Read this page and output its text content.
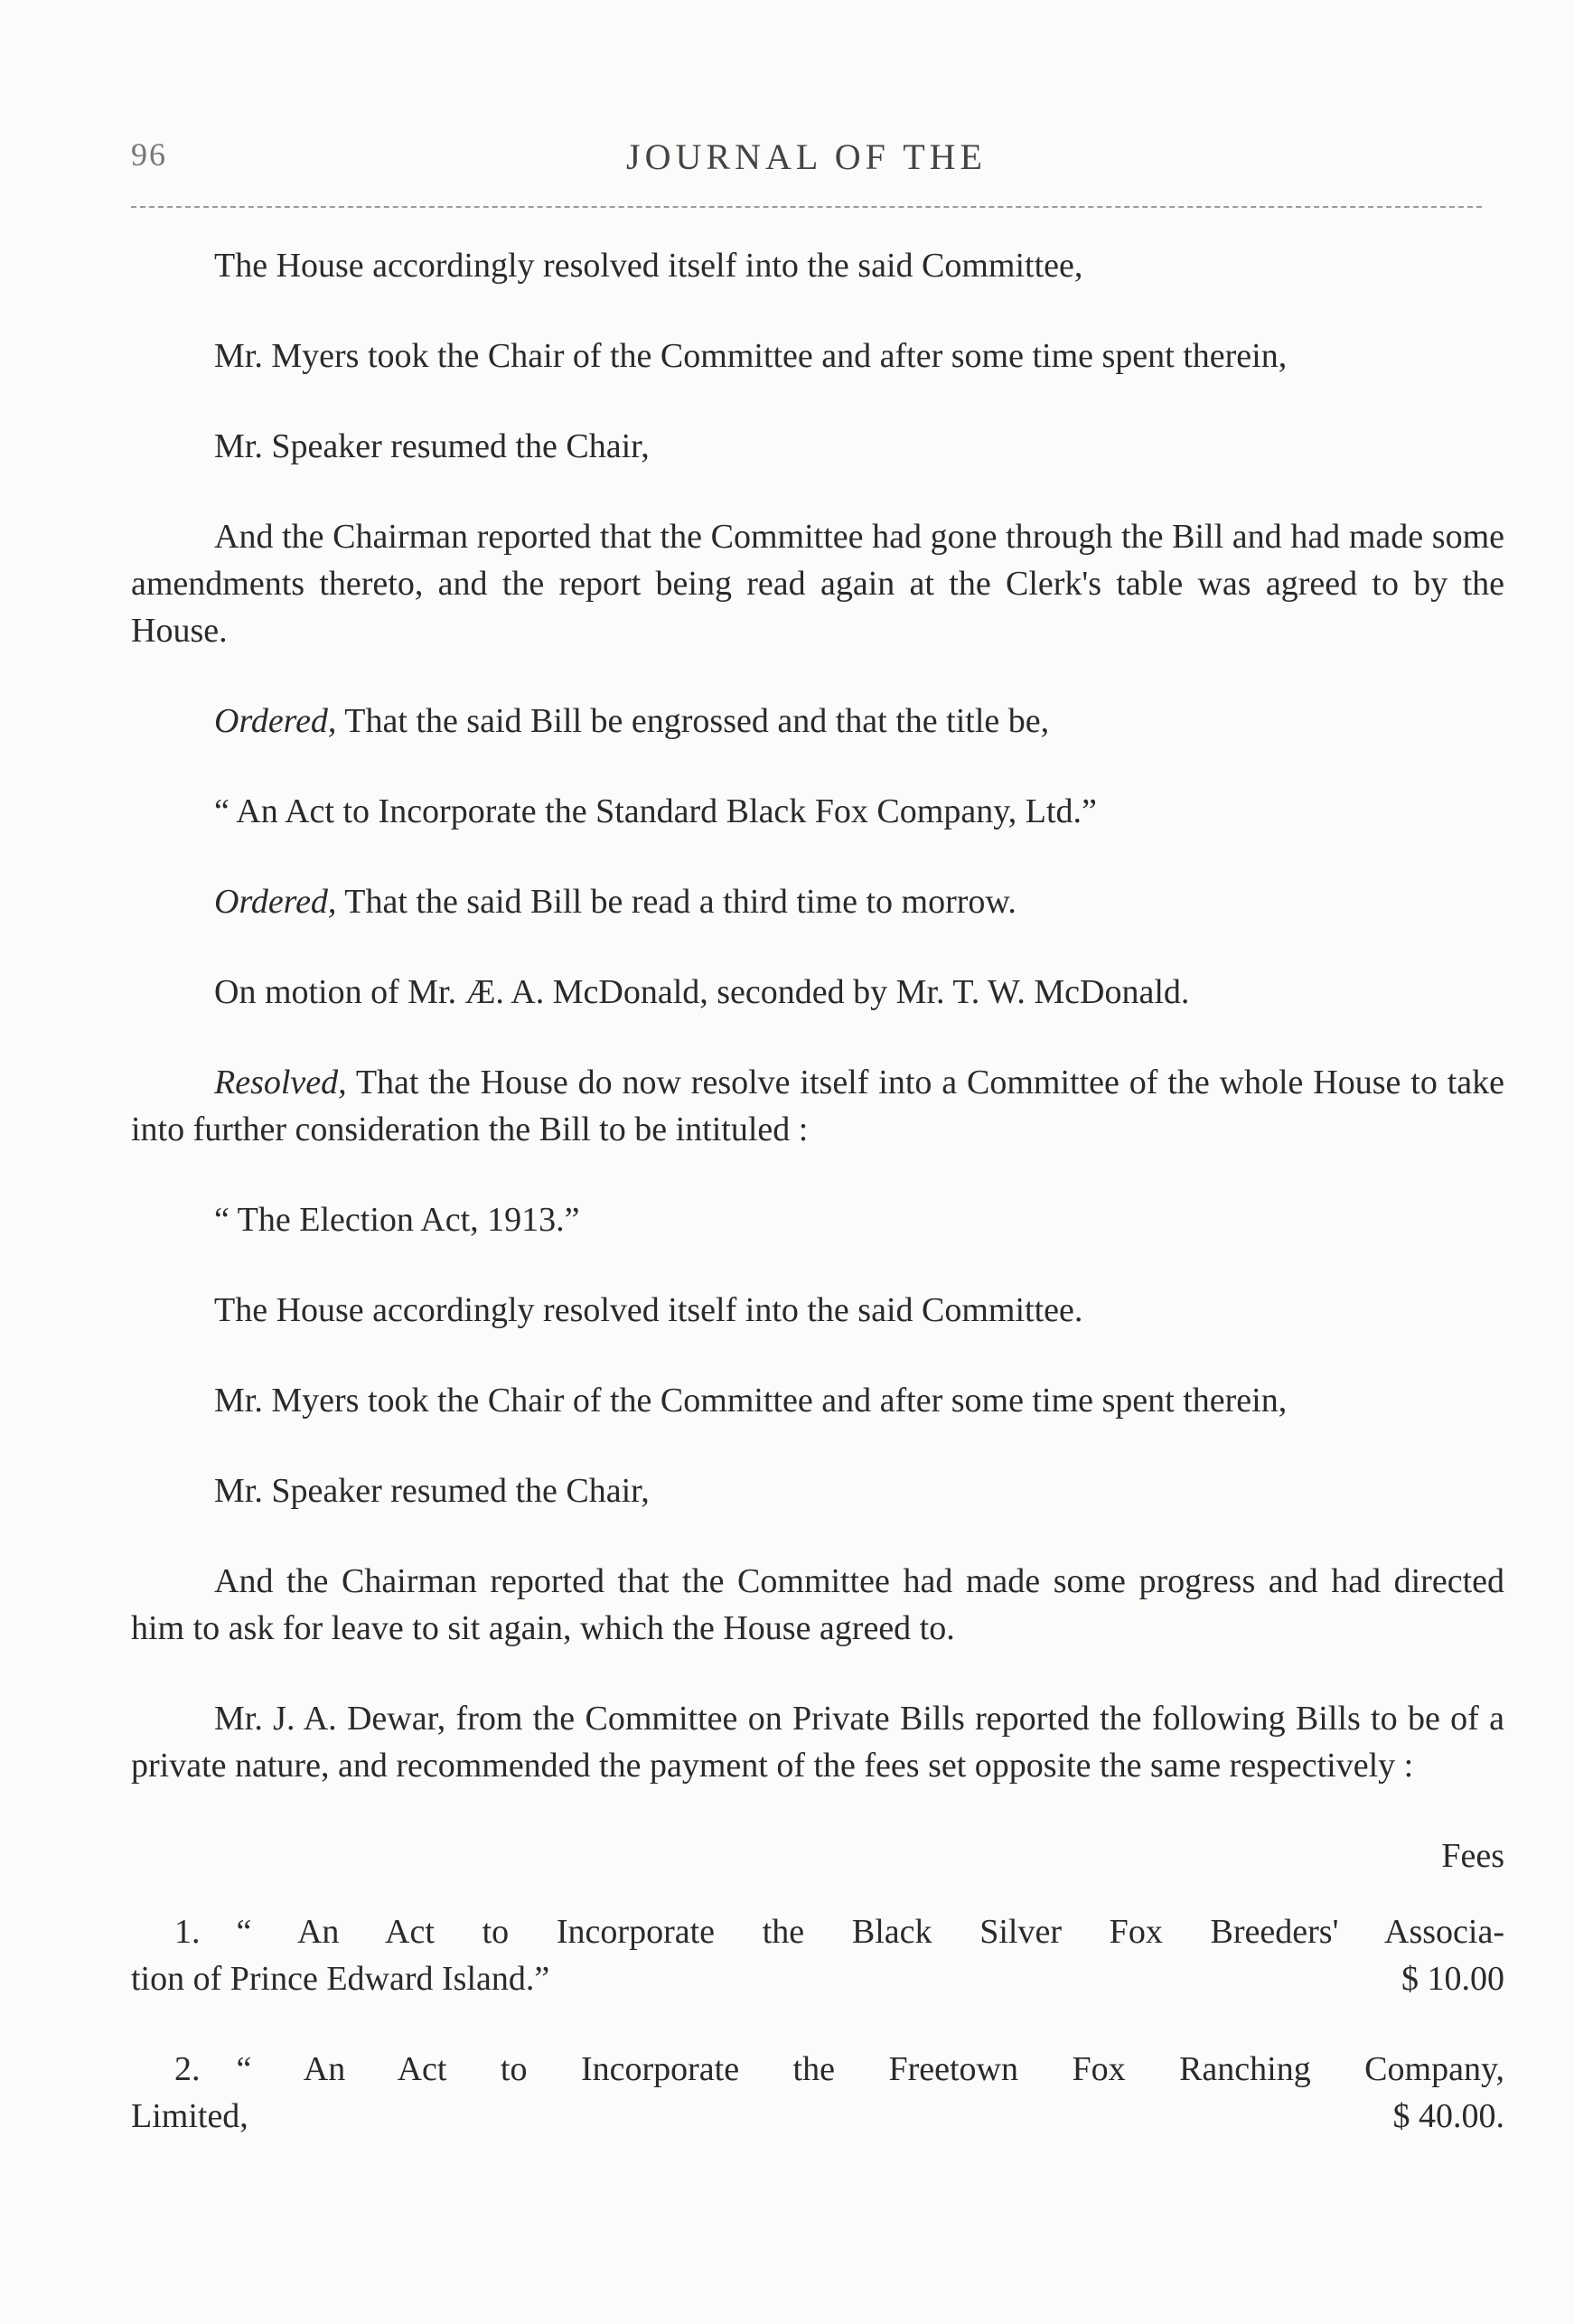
96	JOURNAL OF THE

The House accordingly resolved itself into the said Committee,

Mr. Myers took the Chair of the Committee and after some time spent therein,

Mr. Speaker resumed the Chair,

And the Chairman reported that the Committee had gone through the Bill and had made some amendments thereto, and the report being read again at the Clerk's table was agreed to by the House.

Ordered, That the said Bill be engrossed and that the title be,

“ An Act to Incorporate the Standard Black Fox Company, Ltd.”

Ordered, That the said Bill be read a third time to morrow.

On motion of Mr. Æ. A. McDonald, seconded by Mr. T. W. McDonald.

Resolved, That the House do now resolve itself into a Committee of the whole House to take into further consideration the Bill to be intituled :

“ The Election Act, 1913.”

The House accordingly resolved itself into the said Committee.

Mr. Myers took the Chair of the Committee and after some time spent therein,

Mr. Speaker resumed the Chair,

And the Chairman reported that the Committee had made some progress and had directed him to ask for leave to sit again, which the House agreed to.

Mr. J. A. Dewar, from the Committee on Private Bills reported the following Bills to be of a private nature, and recommended the payment of the fees set opposite the same respectively :

Fees

1. “ An Act to Incorporate the Black Silver Fox Breeders' Associa-
tion of Prince Edward Island.”	$ 10.00
2. “ An Act to Incorporate the Freetown Fox Ranching Company,
Limited,	$ 40.00.
